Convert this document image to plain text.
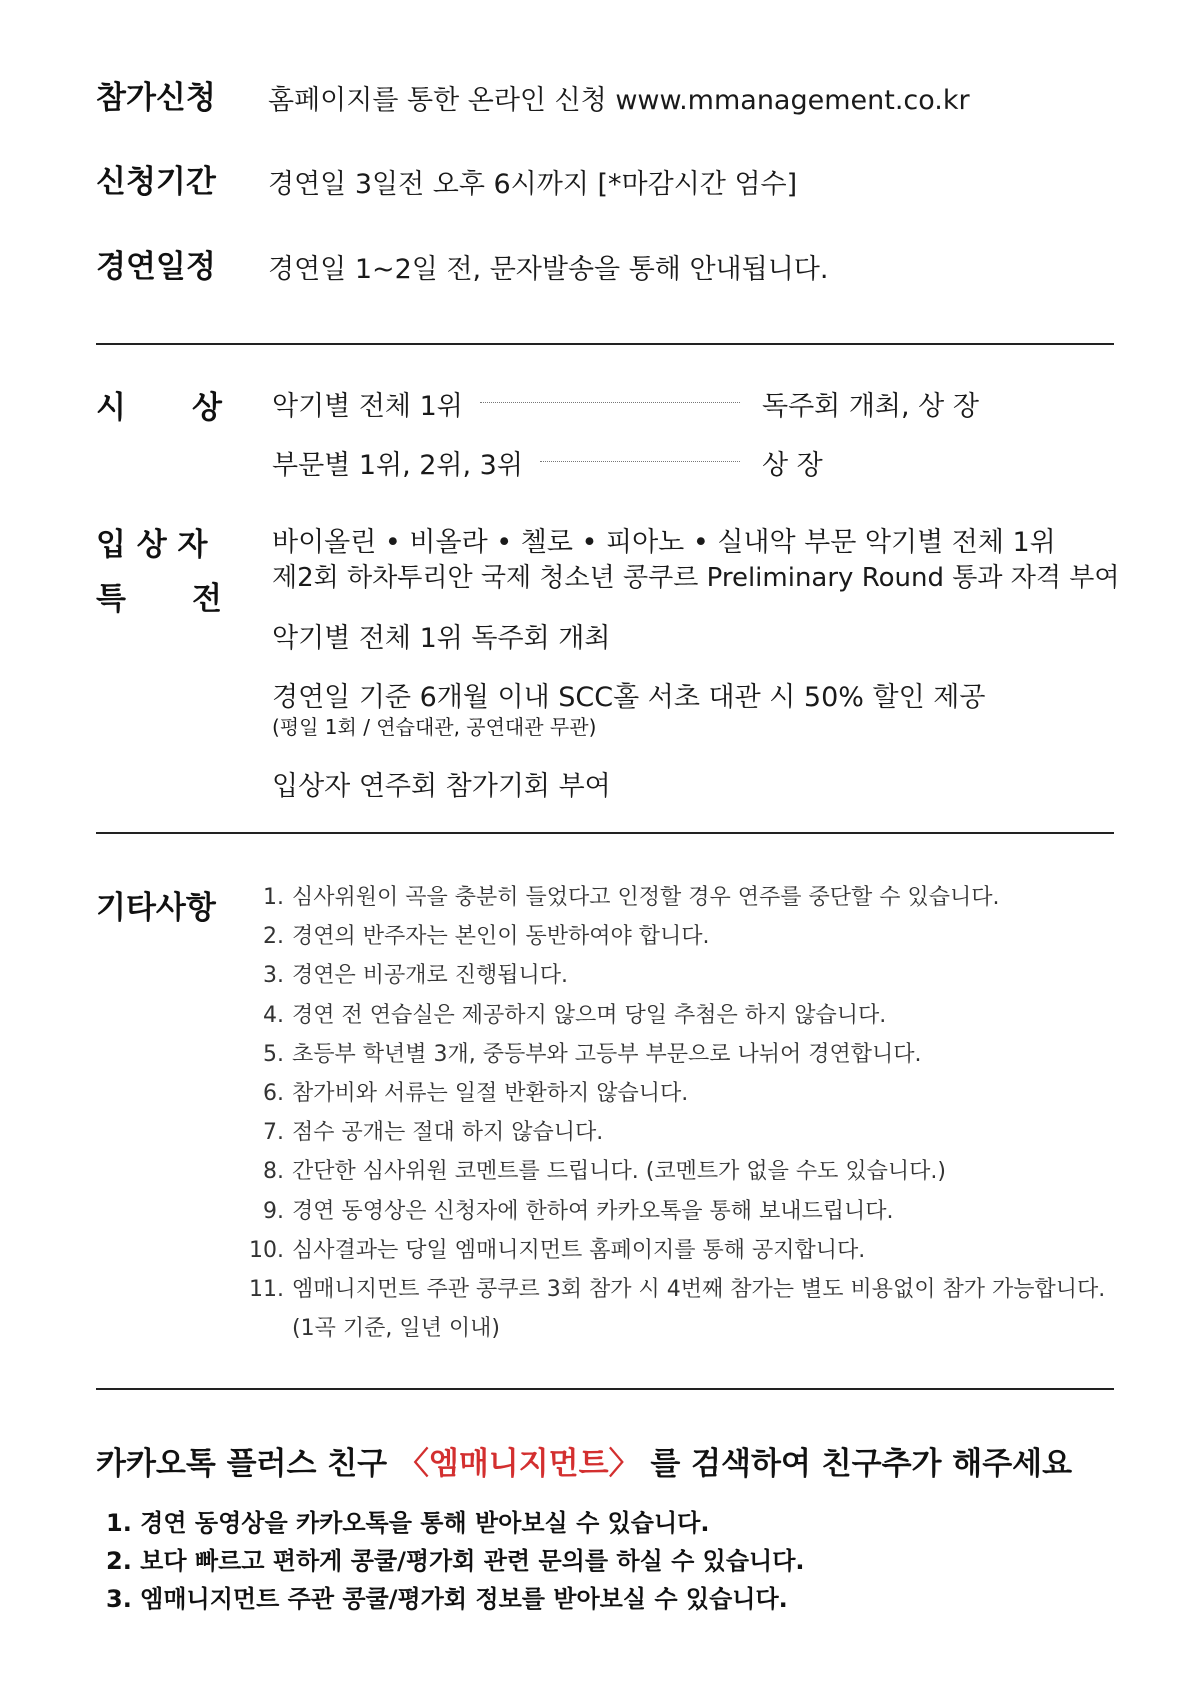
참가신청 홈페이지를 통한 온라인 신청 www.mmanagement.co.kr
신청기간 경연일 3일전 오후 6시까지 [*마감시간 엄수]
경연일정 경연일 1~2일 전, 문자발송을 통해 안내됩니다.
시 상 악기별 전체 1위	독주회 개최, 상 장
부문별 1위, 2위, 3위	상 장
입 상 자
특 전
바이올린 • 비올라 • 첼로 • 피아노 • 실내악 부문 악기별 전체 1위
제2회 하차투리안 국제 청소년 콩쿠르 Preliminary Round 통과 자격 부여
악기별 전체 1위 독주회 개최
경연일 기준 6개월 이내 SCC홀 서초 대관 시 50% 할인 제공
(평일 1회 / 연습대관, 공연대관 무관)
입상자 연주회 참가기회 부여
기타사항 1. 심사위원이 곡을 충분히 들었다고 인정할 경우 연주를 중단할 수 있습니다.
2. 경연의 반주자는 본인이 동반하여야 합니다.
3. 경연은 비공개로 진행됩니다.
4. 경연 전 연습실은 제공하지 않으며 당일 추첨은 하지 않습니다.
5. 초등부 학년별 3개, 중등부와 고등부 부문으로 나뉘어 경연합니다.
6. 참가비와 서류는 일절 반환하지 않습니다.
7. 점수 공개는 절대 하지 않습니다.
8. 간단한 심사위원 코멘트를 드립니다. (코멘트가 없을 수도 있습니다.)
9. 경연 동영상은 신청자에 한하여 카카오톡을 통해 보내드립니다.
10. 심사결과는 당일 엠매니지먼트 홈페이지를 통해 공지합니다.
11. 엠매니지먼트 주관 콩쿠르 3회 참가 시 4번째 참가는 별도 비용없이 참가 가능합니다.
(1곡 기준, 일년 이내)
카카오톡 플러스 친구 〈엠매니지먼트〉 를 검색하여 친구추가 해주세요
1. 경연 동영상을 카카오톡을 통해 받아보실 수 있습니다.
2. 보다 빠르고 편하게 콩쿨/평가회 관련 문의를 하실 수 있습니다.
3. 엠매니지먼트 주관 콩쿨/평가회 정보를 받아보실 수 있습니다.
